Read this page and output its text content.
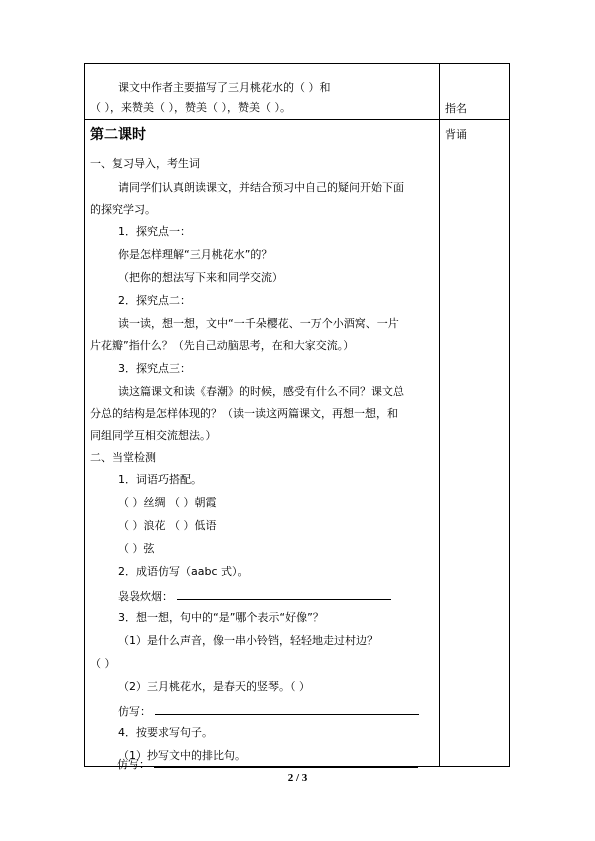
课文中作者主要描写了三月桃花水的（ ）和
（ ），来赞美（ ），赞美（ ），赞美（ ）。	指名
背诵
第二课时
一、复习导入，考生词
请同学们认真朗读课文，并结合预习中自己的疑问开始下面
的探究学习。
1．探究点一：
你是怎样理解“三月桃花水”的？
（把你的想法写下来和同学交流）
2．探究点二：
读一读，想一想，文中“一千朵樱花、一万个小酒窝、一片
片花瓣”指什么？（先自己动脑思考，在和大家交流。）
3．探究点三：
读这篇课文和读《春潮》的时候，感受有什么不同？课文总
分总的结构是怎样体现的？（读一读这两篇课文，再想一想，和
同组同学互相交流想法。）
二、当堂检测
1．词语巧搭配。
（ ）丝绸 （ ）朝霞
（ ）浪花 （ ）低语
（ ）弦
2．成语仿写（aabc 式）。
袅袅炊烟：
3．想一想，句中的“是”哪个表示“好像”？
（1）是什么声音，像一串小铃铛，轻轻地走过村边？
（ ）
（2）三月桃花水，是春天的竖琴。（ ）
仿写：
4．按要求写句子。
（1）抄写文中的排比句。
仿写：
2 / 3
